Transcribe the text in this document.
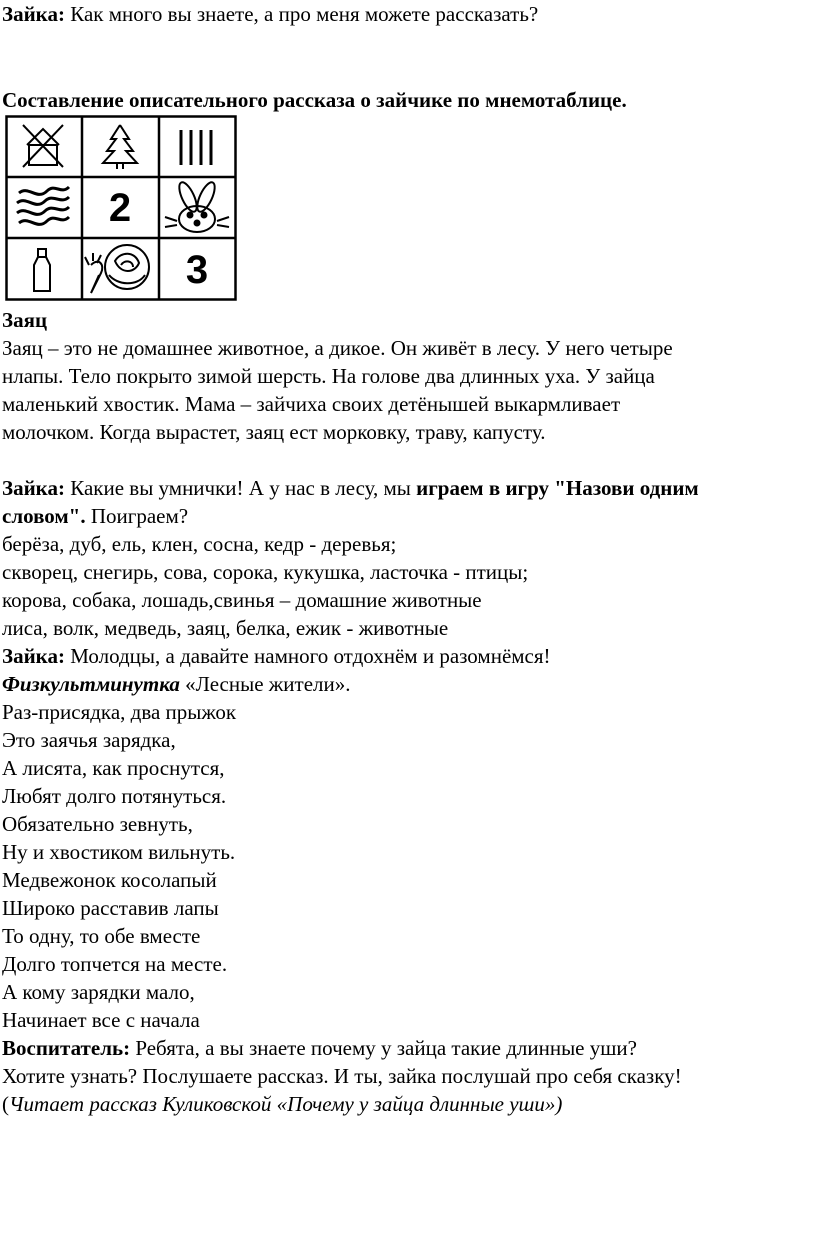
Зайка: Как много вы знаете, а про меня можете рассказать?
Составление описательного рассказа о зайчике по мнемотаблице.
2
3
Заяц
Заяц – это не домашнее животное, а дикое. Он живёт в лесу. У него четыре
нлапы. Тело покрыто зимой шерсть. На голове два длинных уха. У зайца
маленький хвостик. Мама – зайчиха своих детёнышей выкармливает
молочком. Когда вырастет, заяц ест морковку, траву, капусту.
Зайка: Какие вы умнички! А у нас в лесу, мы играем в игру "Назови одним
словом". Поиграем?
берёза, дуб, ель, клен, сосна, кедр - деревья;
скворец, снегирь, сова, сорока, кукушка, ласточка - птицы;
корова, собака, лошадь,свинья – домашние животные
лиса, волк, медведь, заяц, белка, ежик - животные
Зайка: Молодцы, а давайте намного отдохнём и разомнёмся!
Физкультминутка «Лесные жители».
Раз-присядка, два прыжок
Это заячья зарядка,
А лисята, как проснутся,
Любят долго потянуться.
Обязательно зевнуть,
Ну и хвостиком вильнуть.
Медвежонок косолапый
Широко расставив лапы
То одну, то обе вместе
Долго топчется на месте.
А кому зарядки мало,
Начинает все с начала
Воспитатель: Ребята, а вы знаете почему у зайца такие длинные уши?
Хотите узнать? Послушаете рассказ. И ты, зайка послушай про себя сказку!
(Читает рассказ Куликовской «Почему у зайца длинные уши»)
